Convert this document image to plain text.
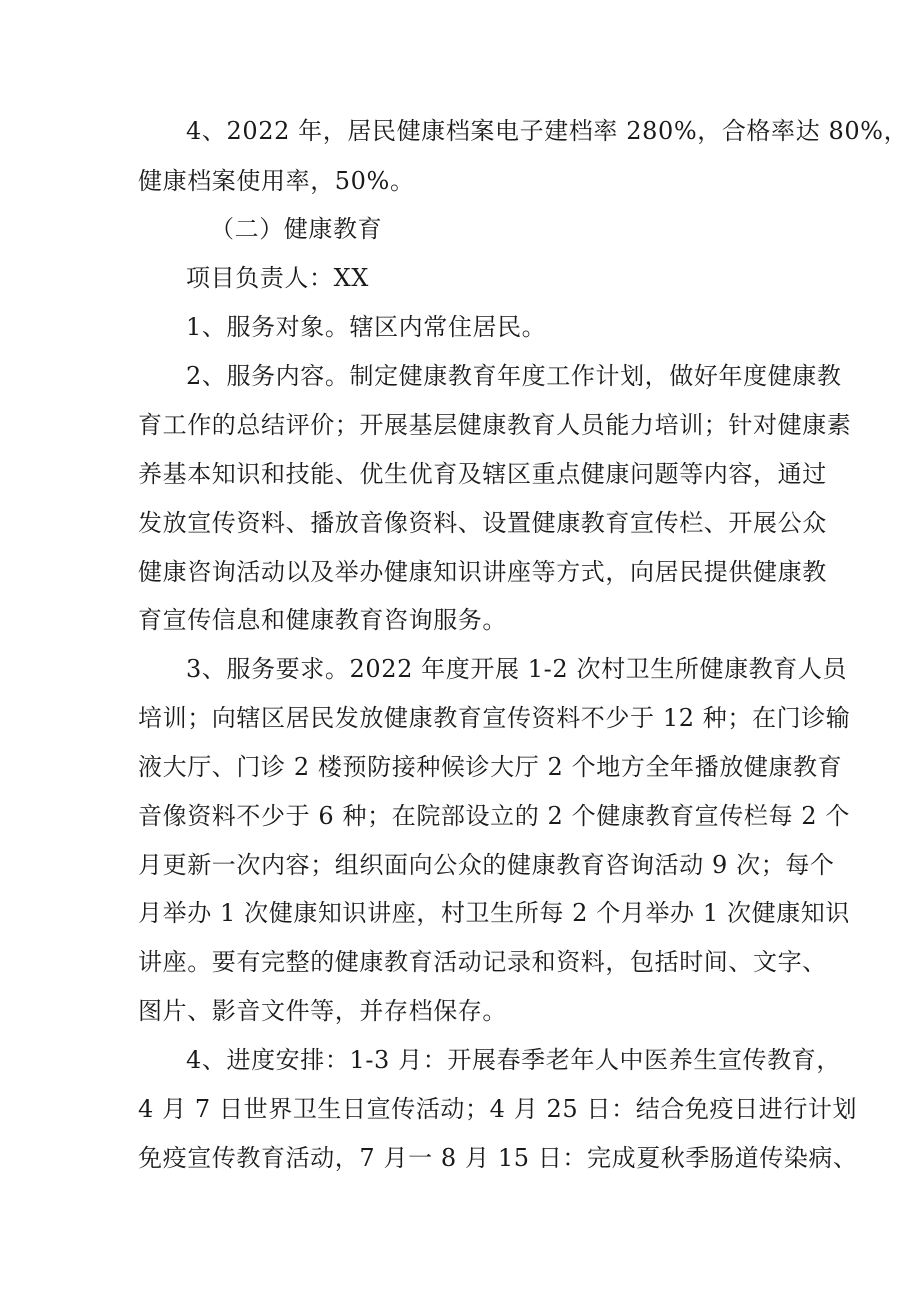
4、2022 年，居民健康档案电子建档率 280%，合格率达 80%，
健康档案使用率，50%。
（二）健康教育
项目负责人：XX
1、服务对象。辖区内常住居民。
2、服务内容。制定健康教育年度工作计划，做好年度健康教
育工作的总结评价；开展基层健康教育人员能力培训；针对健康素
养基本知识和技能、优生优育及辖区重点健康问题等内容，通过
发放宣传资料、播放音像资料、设置健康教育宣传栏、开展公众
健康咨询活动以及举办健康知识讲座等方式，向居民提供健康教
育宣传信息和健康教育咨询服务。
3、服务要求。2022 年度开展 1-2 次村卫生所健康教育人员
培训；向辖区居民发放健康教育宣传资料不少于 12 种；在门诊输
液大厅、门诊 2 楼预防接种候诊大厅 2 个地方全年播放健康教育
音像资料不少于 6 种；在院部设立的 2 个健康教育宣传栏每 2 个
月更新一次内容；组织面向公众的健康教育咨询活动 9 次；每个
月举办 1 次健康知识讲座，村卫生所每 2 个月举办 1 次健康知识
讲座。要有完整的健康教育活动记录和资料，包括时间、文字、
图片、影音文件等，并存档保存。
4、进度安排：1-3 月：开展春季老年人中医养生宣传教育，
4 月 7 日世界卫生日宣传活动；4 月 25 日：结合免疫日进行计划
免疫宣传教育活动，7 月一 8 月 15 日：完成夏秋季肠道传染病、
